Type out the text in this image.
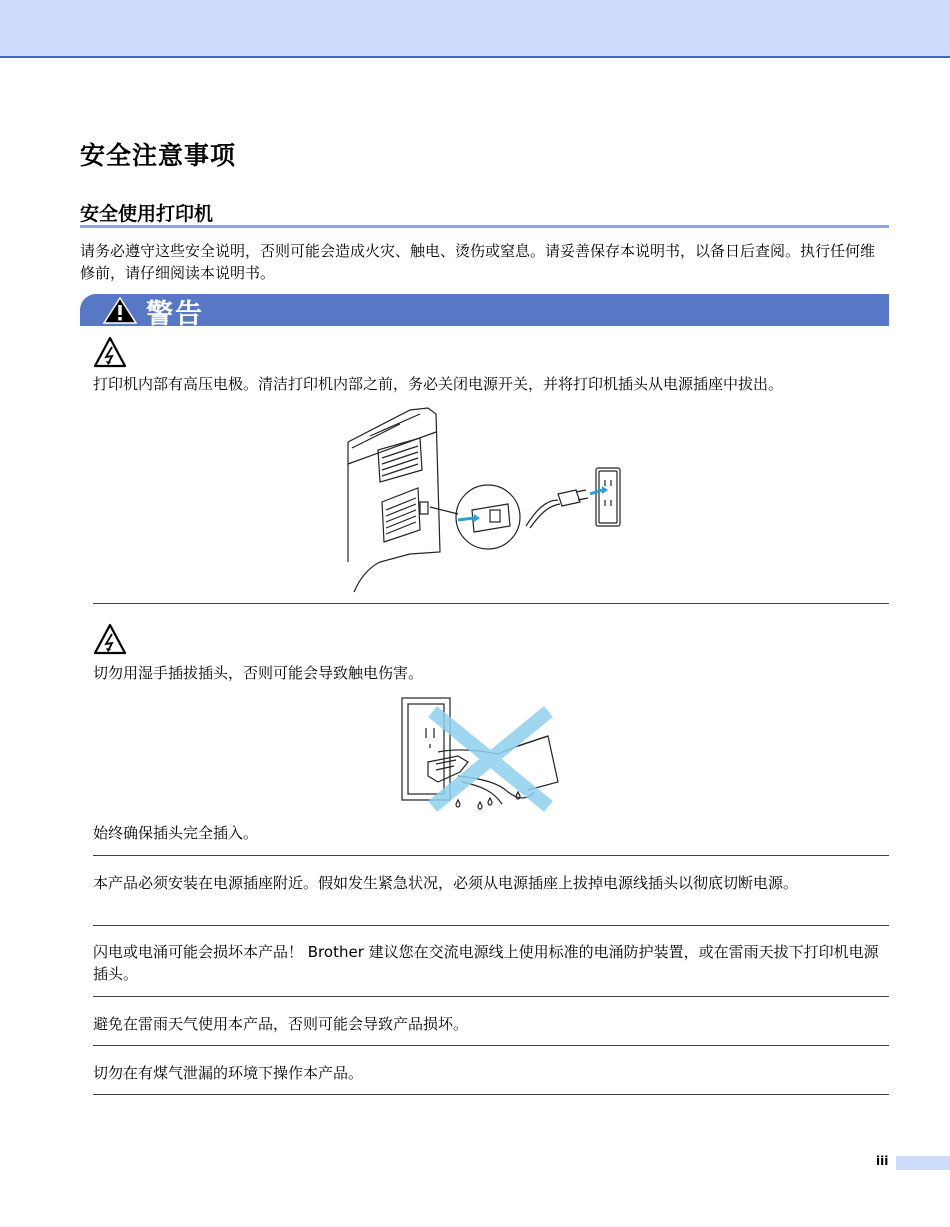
安全注意事项
安全使用打印机
请务必遵守这些安全说明，否则可能会造成火灾、触电、烫伤或窒息。请妥善保存本说明书，以备日后查阅。执行任何维修前，请仔细阅读本说明书。
警告
打印机内部有高压电极。清洁打印机内部之前，务必关闭电源开关，并将打印机插头从电源插座中拔出。
切勿用湿手插拔插头，否则可能会导致触电伤害。
始终确保插头完全插入。
本产品必须安装在电源插座附近。假如发生紧急状况，必须从电源插座上拔掉电源线插头以彻底切断电源。
闪电或电涌可能会损坏本产品！ Brother 建议您在交流电源线上使用标准的电涌防护装置，或在雷雨天拔下打印机电源插头。
避免在雷雨天气使用本产品，否则可能会导致产品损坏。
切勿在有煤气泄漏的环境下操作本产品。
iii
